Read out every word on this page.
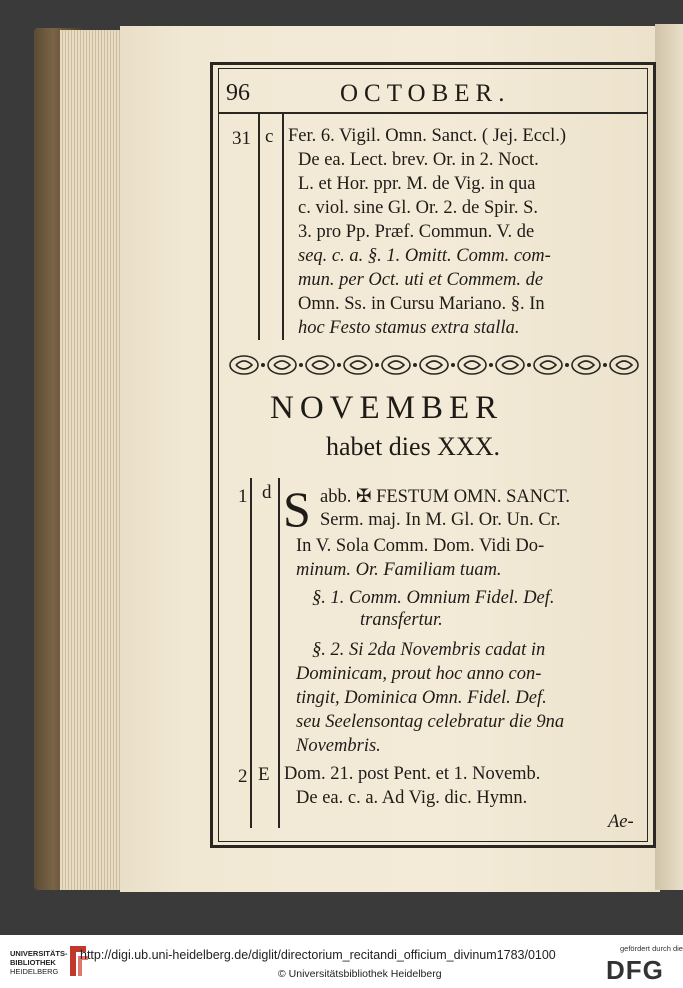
96	OCTOBER.
31 c Fer. 6. Vigil. Omn. Sanct. ( Jej. Eccl.)
De ea. Lect. brev. Or. in 2. Noct.
L. et Hor. ppr. M. de Vig. in qua
c. viol. sine Gl. Or. 2. de Spir. S.
3. pro Pp. Præf. Commun. V. de
seq. c. a. §. 1. Omitt. Comm. com-
mun. per Oct. uti et Commem. de
Omn. Ss. in Cursu Mariano. §. In
hoc Festo stamus extra stalla.
NOVEMBER
habet dies XXX.
1 d S abb. ✠ FESTUM OMN. SANCT.
Serm. maj. In M. Gl. Or. Un. Cr.
In V. Sola Comm. Dom. Vidi Do-
minum. Or. Familiam tuam.
§. 1. Comm. Omnium Fidel. Def.
transfertur.
§. 2. Si 2da Novembris cadat in
Dominicam, prout hoc anno con-
tingit, Dominica Omn. Fidel. Def.
seu Seelensontag celebratur die 9na
Novembris.
2 E Dom. 21. post Pent. et 1. Novemb.
De ea. c. a. Ad Vig. dic. Hymn.
Ae-
UNIVERSITÄTS-
BIBLIOTHEK
HEIDELBERG
http://digi.ub.uni-heidelberg.de/diglit/directorium_recitandi_officium_divinum1783/0100
© Universitätsbibliothek Heidelberg
gefördert durch die
DFG
